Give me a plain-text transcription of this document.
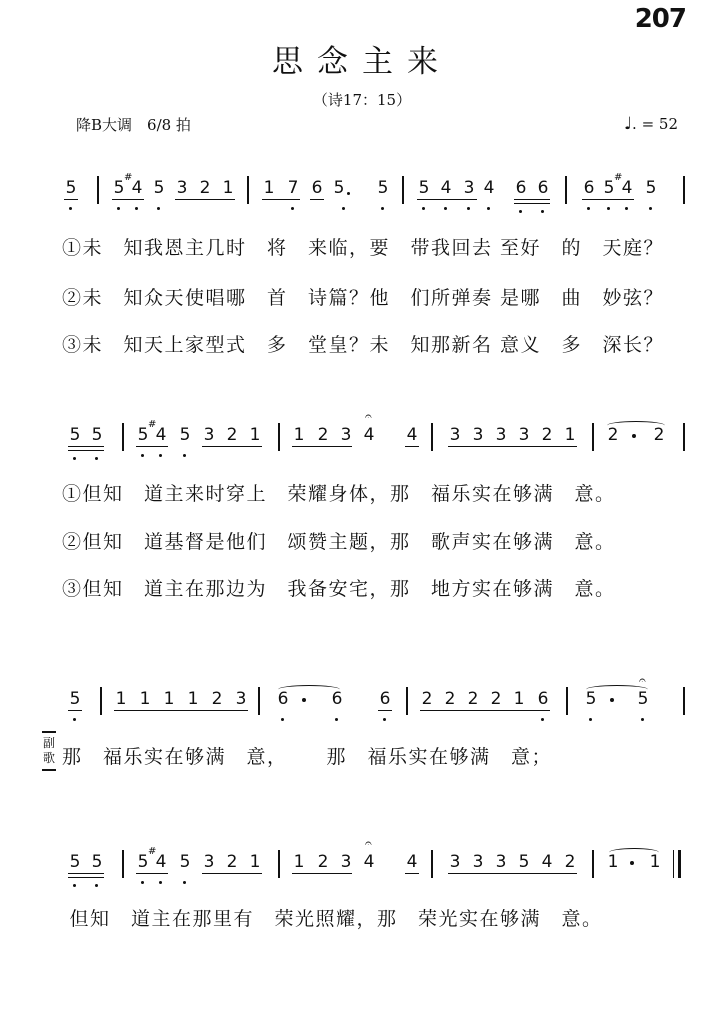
207
思念主来
（诗17：15）
降B大调　6/8 拍	♩. = 52
5 5
#
4 5 3 2 1 1 7 6 5 5 5 4 3 4 6 6 6 5
#
4 5
①未　知我恩主几时　将　来临，要　带我回去 至好　的　天庭？
②未　知众天使唱哪　首　诗篇？他　们所弹奏 是哪　曲　妙弦？
③未　知天上家型式　多　堂皇？未　知那新名 意义　多　深长？
5 5 5
#
4 5 3 2 1 1 2 3 4
𝄐
4 3 3 3 3 2 1 2 2
①但知　道主来时穿上　荣耀身体，那　福乐实在够满　意。
②但知　道基督是他们　颂赞主题，那　歌声实在够满　意。
③但知　道主在那边为　我备安宅，那　地方实在够满　意。
5 1 1 1 1 2 3 6	6 6 2 2 2 2 1 6 5 5
𝄐
副
歌 那　福乐实在够满　意，　　 那　福乐实在够满　意；
5 5 5
#
4 5 3 2 1 1 2 3 4
𝄐
4 3 3 3 5 4 2 1 1
但知　道主在那里有　荣光照耀，那　荣光实在够满　意。
